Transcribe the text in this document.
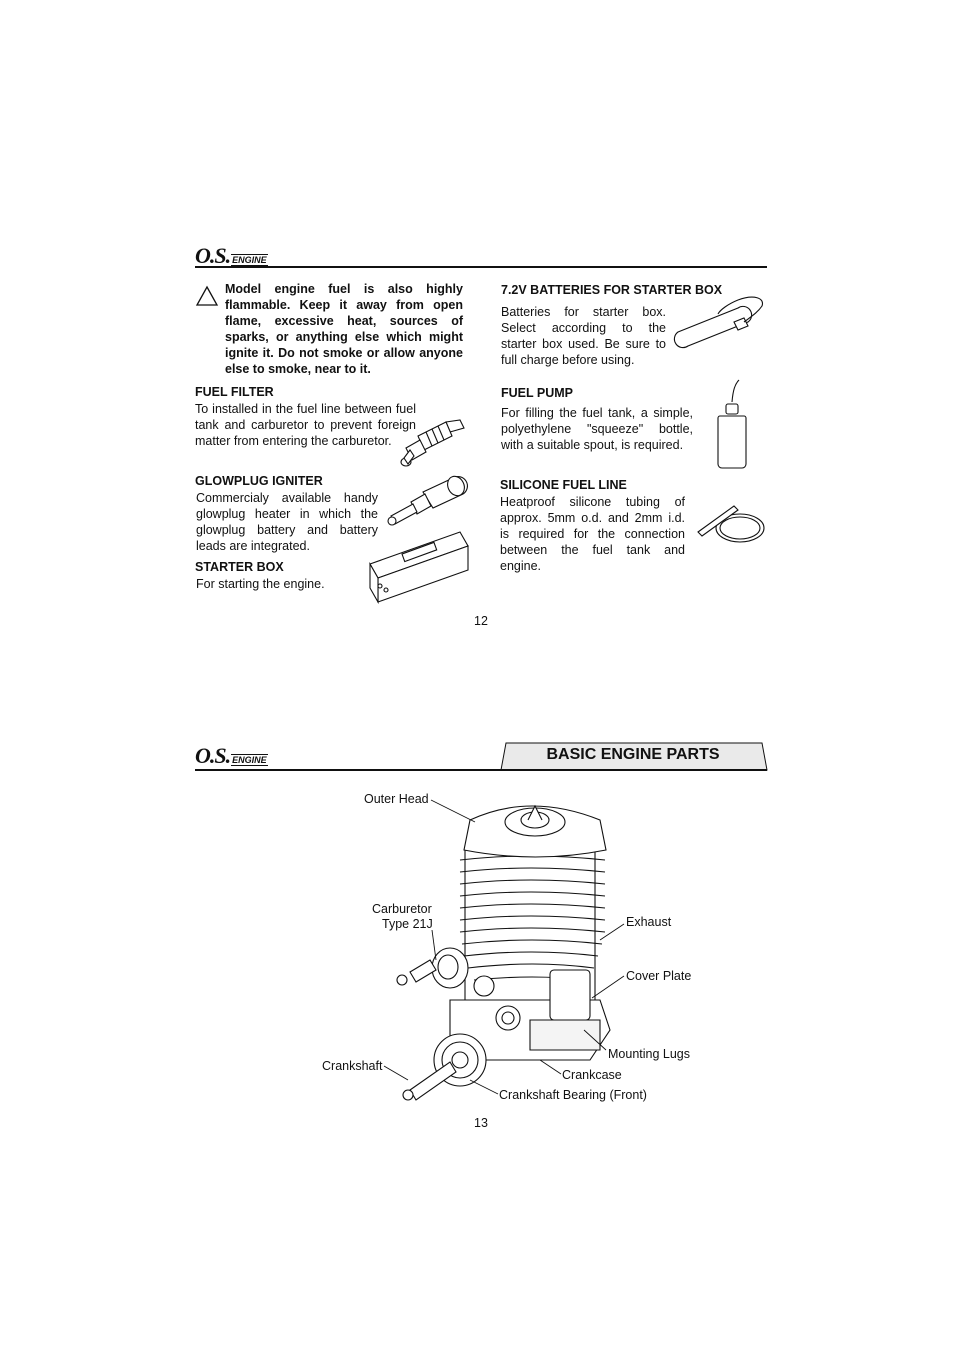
O.S. ENGINE
Model engine fuel is also highly flammable. Keep it away from open flame, excessive heat, sources of sparks, or anything else which might ignite it. Do not smoke or allow anyone else to smoke, near to it.
FUEL FILTER
To installed in the fuel line between fuel tank and carburetor to prevent foreign matter from entering the carburetor.
GLOWPLUG IGNITER
Commercialy available handy glowplug heater in which the glowplug battery and battery leads are integrated.
STARTER BOX
For starting the engine.
7.2V BATTERIES FOR STARTER BOX
Batteries for starter box. Select according to the starter box used. Be sure to full charge before using.
FUEL PUMP
For filling the fuel tank, a simple, polyethylene "squeeze" bottle, with a suitable spout, is required.
SILICONE FUEL LINE
Heatproof silicone tubing of approx. 5mm o.d. and 2mm i.d. is required for the connection between the fuel tank and engine.
12
O.S. ENGINE	BASIC ENGINE PARTS
Outer Head
Carburetor
Type 21J
Crankshaft
Exhaust
Cover Plate
Mounting Lugs
Crankcase
Crankshaft Bearing (Front)
13
